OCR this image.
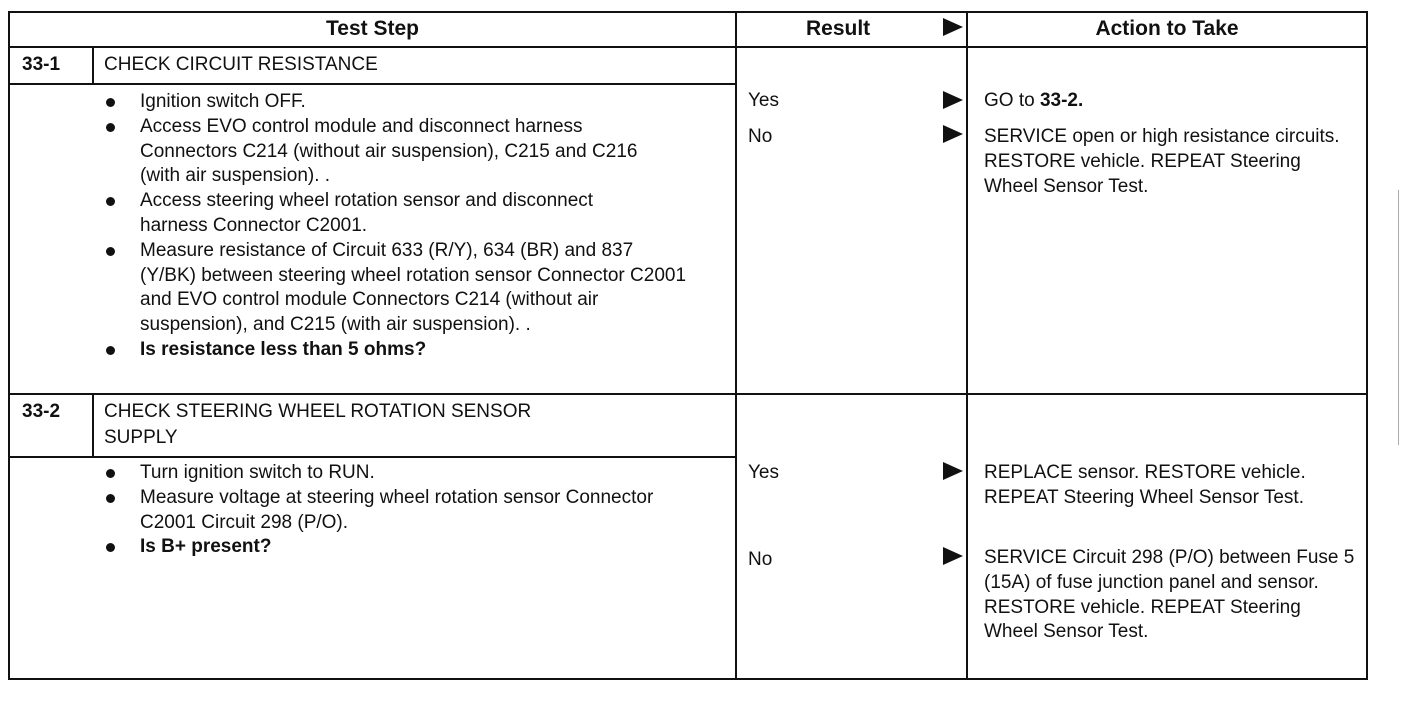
Test Step	Result	Action to Take
33-1 CHECK CIRCUIT RESISTANCE
Ignition switch OFF.
Access EVO control module and disconnect harness Connectors C214 (without air suspension), C215 and C216 (with air suspension). .
Access steering wheel rotation sensor and disconnect harness Connector C2001.
Measure resistance of Circuit 633 (R/Y), 634 (BR) and 837 (Y/BK) between steering wheel rotation sensor Connector C2001 and EVO control module Connectors C214 (without air suspension), and C215 (with air suspension). .
Is resistance less than 5 ohms?
Yes	GO to 33-2.
No	SERVICE open or high resistance circuits. RESTORE vehicle. REPEAT Steering Wheel Sensor Test.
33-2 CHECK STEERING WHEEL ROTATION SENSOR
SUPPLY
Turn ignition switch to RUN.
Measure voltage at steering wheel rotation sensor Connector C2001 Circuit 298 (P/O).
Is B+ present?
Yes	REPLACE sensor. RESTORE vehicle. REPEAT Steering Wheel Sensor Test.
No	SERVICE Circuit 298 (P/O) between Fuse 5 (15A) of fuse junction panel and sensor. RESTORE vehicle. REPEAT Steering Wheel Sensor Test.
